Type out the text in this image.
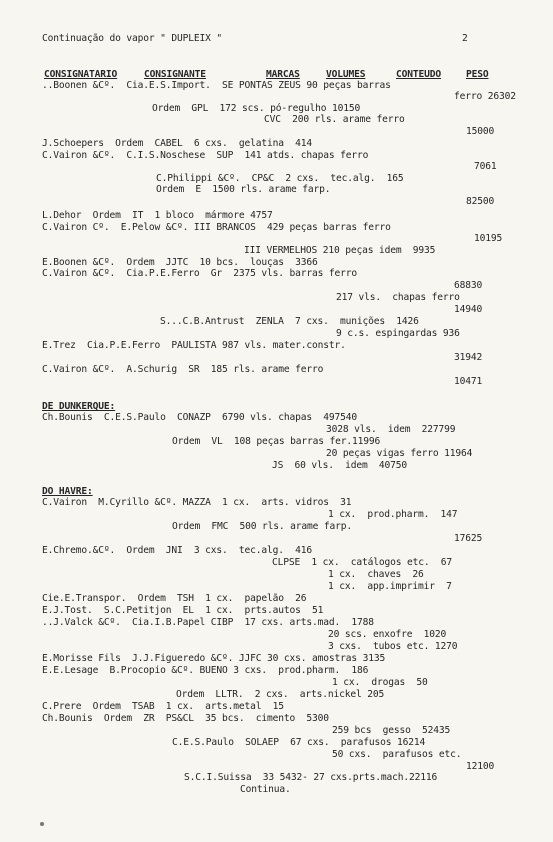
Continuação do vapor " DUPLEIX "	2
CONSIGNATARIO	CONSIGNANTE	MARCAS	VOLUMES	CONTEUDO	PESO
..Boonen &Cº.  Cia.E.S.Import.  SE PONTAS ZEUS 90 peças barras
ferro 26302
Ordem  GPL  172 scs. pó-regulho 10150
CVC  200 rls. arame ferro
15000
J.Schoepers  Ordem  CABEL  6 cxs.  gelatina  414
C.Vairon &Cº.  C.I.S.Noschese  SUP  141 atds. chapas ferro
7061
C.Philippi &Cº.  CP&C  2 cxs.  tec.alg.  165
Ordem  E  1500 rls. arame farp.
82500
L.Dehor  Ordem  IT  1 bloco  mármore 4757
C.Vairon Cº.  E.Pelow &Cº. III BRANCOS  429 peças barras ferro
10195
III VERMELHOS 210 peças idem  9935
E.Boonen &Cº.  Ordem  JJTC  10 bcs.  louças  3366
C.Vairon &Cº.  Cia.P.E.Ferro  Gr  2375 vls. barras ferro
68830
217 vls.  chapas ferro
14940
S...C.B.Antrust  ZENLA  7 cxs.  munições  1426
9 c.s. espingardas 936
E.Trez  Cia.P.E.Ferro  PAULISTA 987 vls. mater.constr.
31942
C.Vairon &Cº.  A.Schurig  SR  185 rls. arame ferro
10471
DE DUNKERQUE:
Ch.Bounis  C.E.S.Paulo  CONAZP  6790 vls. chapas  497540
3028 vls.  idem  227799
Ordem  VL  108 peças barras fer.11996
20 peças vigas ferro 11964
JS  60 vls.  idem  40750
DO HAVRE:
C.Vairon  M.Cyrillo &Cº. MAZZA  1 cx.  arts. vidros  31
1 cx.  prod.pharm.  147
Ordem  FMC  500 rls. arame farp.
17625
E.Chremo.&Cº.  Ordem  JNI  3 cxs.  tec.alg.  416
CLPSE  1 cx.  catálogos etc.  67
1 cx.  chaves  26
1 cx.  app.imprimir  7
Cie.E.Transpor.  Ordem  TSH  1 cx.  papelão  26
E.J.Tost.  S.C.Petitjon  EL  1 cx.  prts.autos  51
..J.Valck &Cº.  Cia.I.B.Papel CIBP  17 cxs. arts.mad.  1788
20 scs. enxofre  1020
3 cxs.  tubos etc. 1270
E.Morisse Fils  J.J.Figueredo &Cº. JJFC 30 cxs. amostras 3135
E.E.Lesage  B.Procopio &Cº. BUENO 3 cxs.  prod.pharm.  186
1 cx.  drogas  50
Ordem  LLTR.  2 cxs.  arts.nickel 205
C.Prere  Ordem  TSAB  1 cx.  arts.metal  15
Ch.Bounis  Ordem  ZR  PS&CL  35 bcs.  cimento  5300
259 bcs  gesso  52435
C.E.S.Paulo  SOLAEP  67 cxs.  parafusos 16214
50 cxs.  parafusos etc.
12100
S.C.I.Suissa  33 5432- 27 cxs.prts.mach.22116
Continua.
